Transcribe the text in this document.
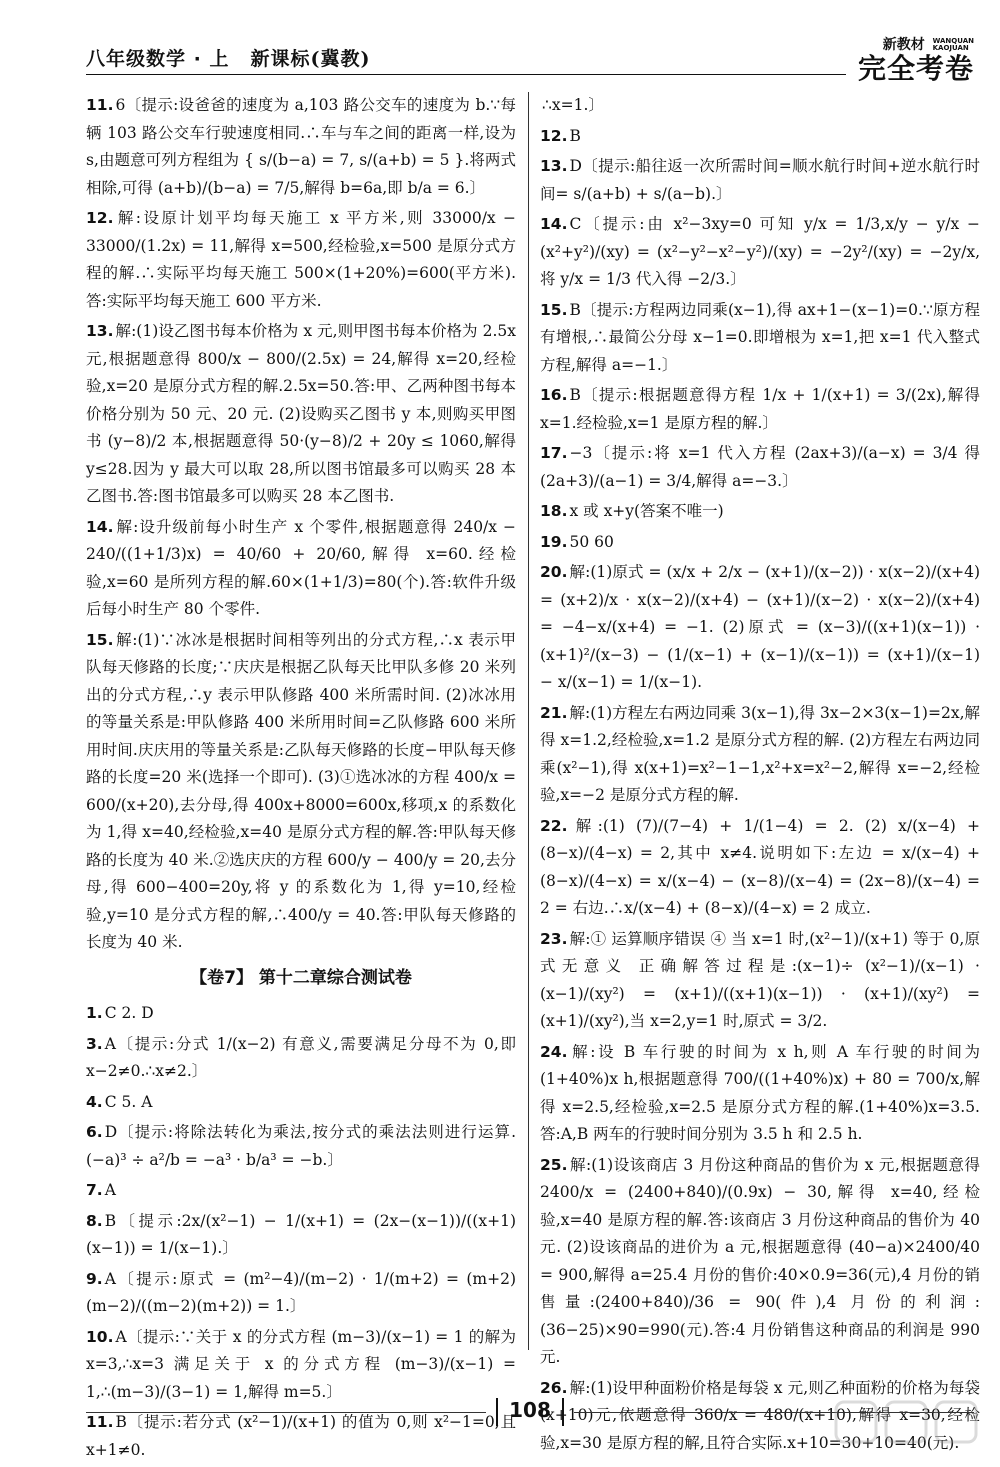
八年级数学 · 上 新课标(冀教)
新教材 WANQUAN
KAOJUAN
完全考卷
11. 6〔提示:设爸爸的速度为 a,103 路公交车的速度为 b.∵每辆 103 路公交车行驶速度相同.∴车与车之间的距离一样,设为 s,由题意可列方程组为 { s/(b−a) = 7, s/(a+b) = 5 }.将两式相除,可得 (a+b)/(b−a) = 7/5,解得 b=6a,即 b/a = 6.〕
12. 解:设原计划平均每天施工 x 平方米,则 33000/x − 33000/(1.2x) = 11,解得 x=500,经检验,x=500 是原分式方程的解.∴实际平均每天施工 500×(1+20%)=600(平方米).答:实际平均每天施工 600 平方米.
13. 解:(1)设乙图书每本价格为 x 元,则甲图书每本价格为 2.5x 元,根据题意得 800/x − 800/(2.5x) = 24,解得 x=20,经检验,x=20 是原分式方程的解.2.5x=50.答:甲、乙两种图书每本价格分别为 50 元、20 元. (2)设购买乙图书 y 本,则购买甲图书 (y−8)/2 本,根据题意得 50·(y−8)/2 + 20y ≤ 1060,解得 y≤28.因为 y 最大可以取 28,所以图书馆最多可以购买 28 本乙图书.答:图书馆最多可以购买 28 本乙图书.
14. 解:设升级前每小时生产 x 个零件,根据题意得 240/x − 240/((1+1/3)x) = 40/60 + 20/60,解得 x=60.经检验,x=60 是所列方程的解.60×(1+1/3)=80(个).答:软件升级后每小时生产 80 个零件.
15. 解:(1)∵冰冰是根据时间相等列出的分式方程,∴x 表示甲队每天修路的长度;∵庆庆是根据乙队每天比甲队多修 20 米列出的分式方程,∴y 表示甲队修路 400 米所需时间. (2)冰冰用的等量关系是:甲队修路 400 米所用时间=乙队修路 600 米所用时间.庆庆用的等量关系是:乙队每天修路的长度−甲队每天修路的长度=20 米(选择一个即可). (3)①选冰冰的方程 400/x = 600/(x+20),去分母,得 400x+8000=600x,移项,x 的系数化为 1,得 x=40,经检验,x=40 是原分式方程的解.答:甲队每天修路的长度为 40 米.②选庆庆的方程 600/y − 400/y = 20,去分母,得 600−400=20y,将 y 的系数化为 1,得 y=10,经检验,y=10 是分式方程的解,∴400/y = 40.答:甲队每天修路的长度为 40 米.
【卷7】 第十二章综合测试卷
1. C 2. D
3. A〔提示:分式 1/(x−2) 有意义,需要满足分母不为 0,即 x−2≠0.∴x≠2.〕
4. C 5. A
6. D〔提示:将除法转化为乘法,按分式的乘法法则进行运算.(−a)³ ÷ a²/b = −a³ · b/a³ = −b.〕
7. A
8. B〔提示:2x/(x²−1) − 1/(x+1) = (2x−(x−1))/((x+1)(x−1)) = 1/(x−1).〕
9. A〔提示:原式 = (m²−4)/(m−2) · 1/(m+2) = (m+2)(m−2)/((m−2)(m+2)) = 1.〕
10. A〔提示:∵关于 x 的分式方程 (m−3)/(x−1) = 1 的解为 x=3,∴x=3 满足关于 x 的分式方程 (m−3)/(x−1) = 1,∴(m−3)/(3−1) = 1,解得 m=5.〕
11. B〔提示:若分式 (x²−1)/(x+1) 的值为 0,则 x²−1=0,且 x+1≠0.
∴x=1.〕
12. B
13. D〔提示:船往返一次所需时间=顺水航行时间+逆水航行时间= s/(a+b) + s/(a−b).〕
14. C〔提示:由 x²−3xy=0 可知 y/x = 1/3,x/y − y/x − (x²+y²)/(xy) = (x²−y²−x²−y²)/(xy) = −2y²/(xy) = −2y/x,将 y/x = 1/3 代入得 −2/3.〕
15. B〔提示:方程两边同乘(x−1),得 ax+1−(x−1)=0.∵原方程有增根,∴最简公分母 x−1=0.即增根为 x=1,把 x=1 代入整式方程,解得 a=−1.〕
16. B〔提示:根据题意得方程 1/x + 1/(x+1) = 3/(2x),解得 x=1.经检验,x=1 是原方程的解.〕
17. −3〔提示:将 x=1 代入方程 (2ax+3)/(a−x) = 3/4 得 (2a+3)/(a−1) = 3/4,解得 a=−3.〕
18. x 或 x+y(答案不唯一)
19. 50 60
20. 解:(1)原式 = (x/x + 2/x − (x+1)/(x−2)) · x(x−2)/(x+4) = (x+2)/x · x(x−2)/(x+4) − (x+1)/(x−2) · x(x−2)/(x+4) = −4−x/(x+4) = −1. (2)原式 = (x−3)/((x+1)(x−1)) · (x+1)²/(x−3) − (1/(x−1) + (x−1)/(x−1)) = (x+1)/(x−1) − x/(x−1) = 1/(x−1).
21. 解:(1)方程左右两边同乘 3(x−1),得 3x−2×3(x−1)=2x,解得 x=1.2,经检验,x=1.2 是原分式方程的解. (2)方程左右两边同乘(x²−1),得 x(x+1)=x²−1−1,x²+x=x²−2,解得 x=−2,经检验,x=−2 是原分式方程的解.
22. 解:(1) (7)/(7−4) + 1/(1−4) = 2. (2) x/(x−4) + (8−x)/(4−x) = 2,其中 x≠4.说明如下:左边 = x/(x−4) + (8−x)/(4−x) = x/(x−4) − (x−8)/(x−4) = (2x−8)/(x−4) = 2 = 右边.∴x/(x−4) + (8−x)/(4−x) = 2 成立.
23. 解:① 运算顺序错误 ④ 当 x=1 时,(x²−1)/(x+1) 等于 0,原式无意义 正确解答过程是:(x−1)÷ (x²−1)/(x−1) · (x−1)/(xy²) = (x+1)/((x+1)(x−1)) · (x+1)/(xy²) = (x+1)/(xy²),当 x=2,y=1 时,原式 = 3/2.
24. 解:设 B 车行驶的时间为 x h,则 A 车行驶的时间为 (1+40%)x h,根据题意得 700/((1+40%)x) + 80 = 700/x,解得 x=2.5,经检验,x=2.5 是原分式方程的解.(1+40%)x=3.5.答:A,B 两车的行驶时间分别为 3.5 h 和 2.5 h.
25. 解:(1)设该商店 3 月份这种商品的售价为 x 元,根据题意得 2400/x = (2400+840)/(0.9x) − 30,解得 x=40,经检验,x=40 是原方程的解.答:该商店 3 月份这种商品的售价为 40 元. (2)设该商品的进价为 a 元,根据题意得 (40−a)×2400/40 = 900,解得 a=25.4 月份的售价:40×0.9=36(元),4 月份的销售量:(2400+840)/36 = 90(件),4 月份的利润:(36−25)×90=990(元).答:4 月份销售这种商品的利润是 990 元.
26. 解:(1)设甲种面粉价格是每袋 x 元,则乙种面粉的价格为每袋(x+10)元,依题意得 360/x = 480/(x+10),解得 x=30,经检验,x=30 是原方程的解,且符合实际.x+10=30+10=40(元).
108
